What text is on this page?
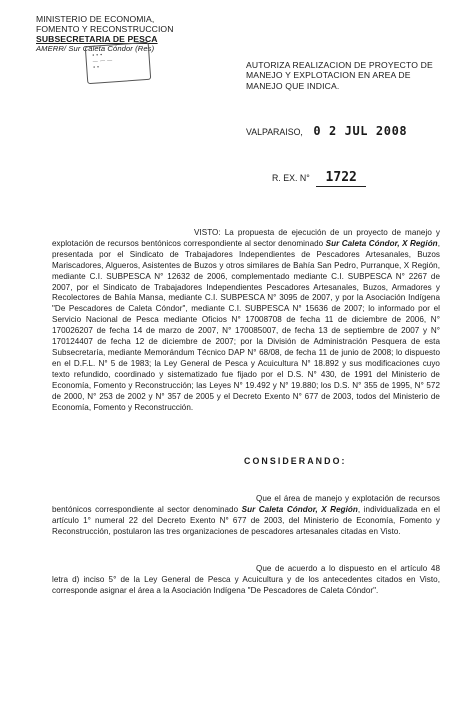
MINISTERIO DE ECONOMIA,
FOMENTO Y RECONSTRUCCION
SUBSECRETARIA DE PESCA
AMERR/ Sur Caleta Cóndor (Res)
• • •
— — —
• •	AUTORIZA REALIZACION DE PROYECTO DE MANEJO Y EXPLOTACION EN AREA DE MANEJO QUE INDICA.
VALPARAISO, 0 2 JUL 2008
R. EX. N° 1722
VISTO: La propuesta de ejecución de un proyecto de manejo y explotación de recursos bentónicos correspondiente al sector denominado Sur Caleta Cóndor, X Región, presentada por el Sindicato de Trabajadores Independientes de Pescadores Artesanales, Buzos Mariscadores, Algueros, Asistentes de Buzos y otros similares de Bahía San Pedro, Purranque, X Región, mediante C.I. SUBPESCA N° 12632 de 2006, complementado mediante C.I. SUBPESCA N° 2267 de 2007, por el Sindicato de Trabajadores Independientes Pescadores Artesanales, Buzos, Armadores y Recolectores de Bahía Mansa, mediante C.I. SUBPESCA N° 3095 de 2007, y por la Asociación Indígena "De Pescadores de Caleta Cóndor", mediante C.I. SUBPESCA N° 15636 de 2007; lo informado por el Servicio Nacional de Pesca mediante Oficios N° 17008708 de fecha 11 de diciembre de 2006, N° 170026207 de fecha 14 de marzo de 2007, N° 170085007, de fecha 13 de septiembre de 2007 y N° 170124407 de fecha 12 de diciembre de 2007; por la División de Administración Pesquera de esta Subsecretaría, mediante Memorándum Técnico DAP N° 68/08, de fecha 11 de junio de 2008; lo dispuesto en el D.F.L. N° 5 de 1983; la Ley General de Pesca y Acuicultura N° 18.892 y sus modificaciones cuyo texto refundido, coordinado y sistematizado fue fijado por el D.S. N° 430, de 1991 del Ministerio de Economía, Fomento y Reconstrucción; las Leyes N° 19.492 y N° 19.880; los D.S. N° 355 de 1995, N° 572 de 2000, N° 253 de 2002 y N° 357 de 2005 y el Decreto Exento N° 677 de 2003, todos del Ministerio de Economía, Fomento y Reconstrucción.
CONSIDERANDO:
Que el área de manejo y explotación de recursos bentónicos correspondiente al sector denominado Sur Caleta Cóndor, X Región, individualizada en el artículo 1° numeral 22 del Decreto Exento N° 677 de 2003, del Ministerio de Economía, Fomento y Reconstrucción, postularon las tres organizaciones de pescadores artesanales citadas en Visto.
Que de acuerdo a lo dispuesto en el artículo 48 letra d) inciso 5° de la Ley General de Pesca y Acuicultura y de los antecedentes citados en Visto, corresponde asignar el área a la Asociación Indígena "De Pescadores de Caleta Cóndor".
